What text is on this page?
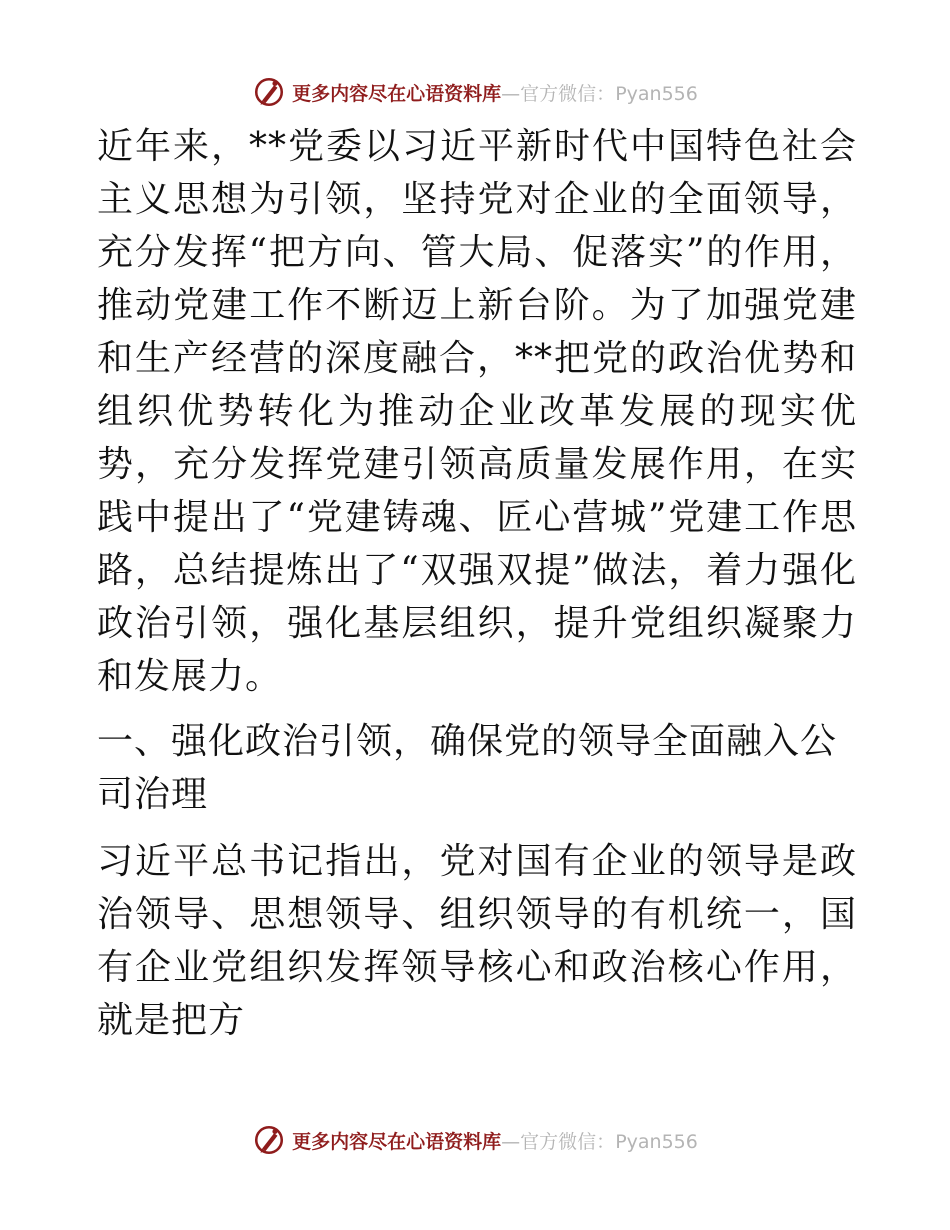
更多内容尽在心语资料库—官方微信：Pyan556

近年来，**党委以习近平新时代中国特色社会主义思想为引领，坚持党对企业的全面领导，充分发挥“把方向、管大局、促落实”的作用，推动党建工作不断迈上新台阶。为了加强党建和生产经营的深度融合，**把党的政治优势和组织优势转化为推动企业改革发展的现实优势，充分发挥党建引领高质量发展作用，在实践中提出了“党建铸魂、匠心营城”党建工作思路，总结提炼出了“双强双提”做法，着力强化政治引领，强化基层组织，提升党组织凝聚力和发展力。

一、强化政治引领，确保党的领导全面融入公司治理

习近平总书记指出，党对国有企业的领导是政治领导、思想领导、组织领导的有机统一，国有企业党组织发挥领导核心和政治核心作用，就是把方

更多内容尽在心语资料库—官方微信：Pyan556
